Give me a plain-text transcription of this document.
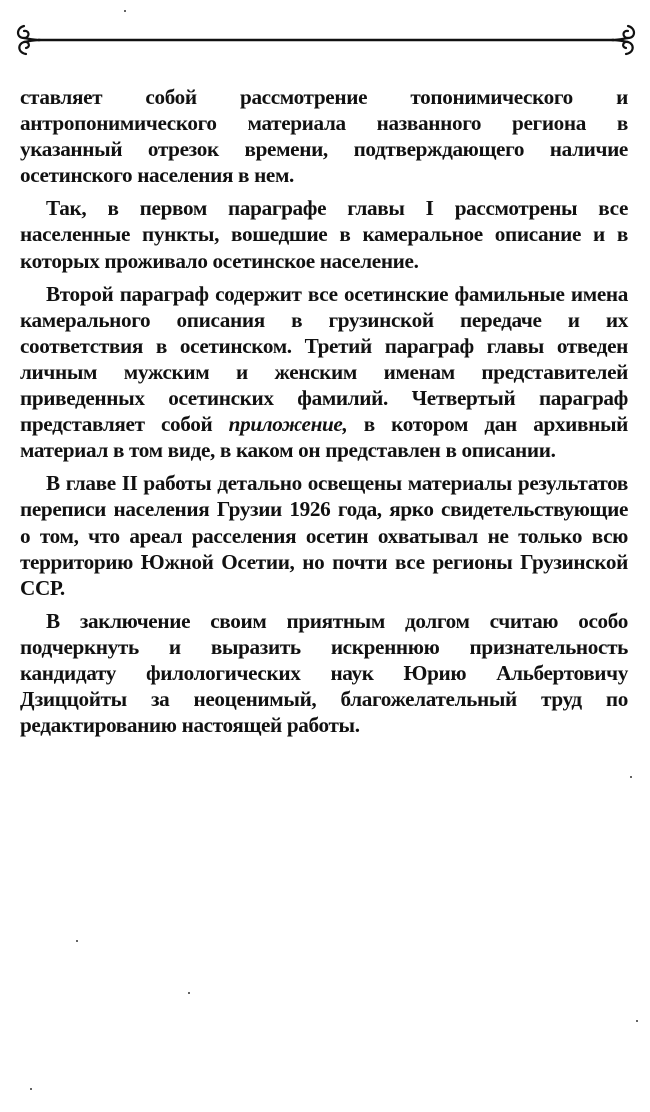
ставляет собой рассмотрение топонимического и антропонимического материала названного региона в указанный отрезок времени, подтверждающего наличие осетинского населения в нем.

Так, в первом параграфе главы I рассмотрены все населенные пункты, вошедшие в камеральное описание и в которых проживало осетинское население.

Второй параграф содержит все осетинские фамильные имена камерального описания в грузинской передаче и их соответствия в осетинском. Третий параграф главы отведен личным мужским и женским именам представителей приведенных осетинских фамилий. Четвертый параграф представляет собой приложение, в котором дан архивный материал в том виде, в каком он представлен в описании.

В главе II работы детально освещены материалы результатов переписи населения Грузии 1926 года, ярко свидетельствующие о том, что ареал расселения осетин охватывал не только всю территорию Южной Осетии, но почти все регионы Грузинской ССР.

В заключение своим приятным долгом считаю особо подчеркнуть и выразить искреннюю признательность кандидату филологических наук Юрию Альбертовичу Дзиццойты за неоценимый, благожелательный труд по редактированию настоящей работы.
